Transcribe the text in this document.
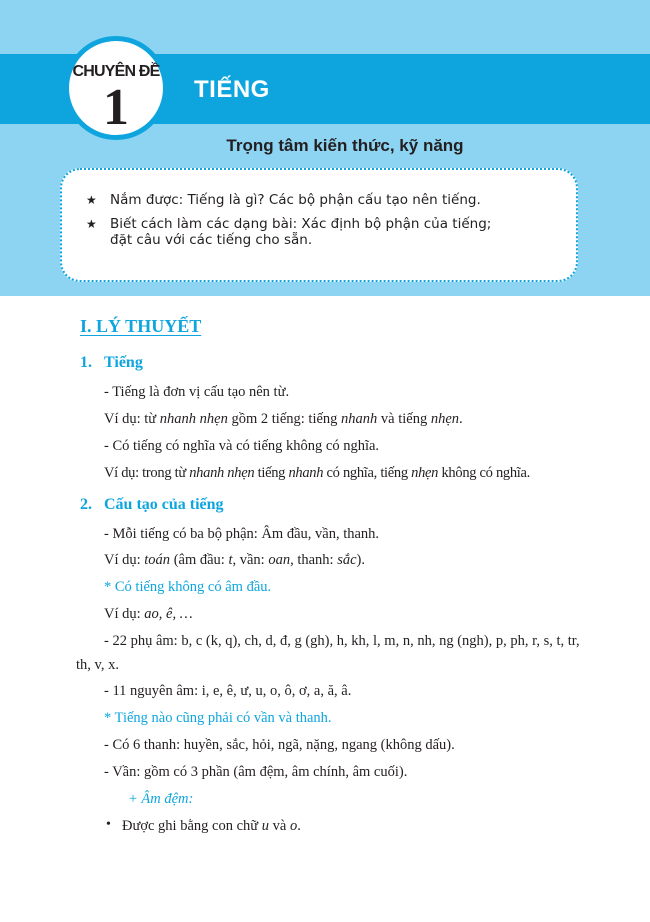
CHUYÊN ĐỀ
1	TIẾNG
Trọng tâm kiến thức, kỹ năng
★ Nắm được: Tiếng là gì? Các bộ phận cấu tạo nên tiếng.
★ Biết cách làm các dạng bài: Xác định bộ phận của tiếng;
đặt câu với các tiếng cho sẵn.
I. LÝ THUYẾT
1. Tiếng
- Tiếng là đơn vị cấu tạo nên từ.
Ví dụ: từ nhanh nhẹn gồm 2 tiếng: tiếng nhanh và tiếng nhẹn.
- Có tiếng có nghĩa và có tiếng không có nghĩa.
Ví dụ: trong từ nhanh nhẹn tiếng nhanh có nghĩa, tiếng nhẹn không có nghĩa.
2. Cấu tạo của tiếng
- Mỗi tiếng có ba bộ phận: Âm đầu, vần, thanh.
Ví dụ: toán (âm đầu: t, vần: oan, thanh: sắc).
* Có tiếng không có âm đầu.
Ví dụ: ao, ê, …
- 22 phụ âm: b, c (k, q), ch, d, đ, g (gh), h, kh, l, m, n, nh, ng (ngh), p, ph, r, s, t, tr, th, v, x.
- 11 nguyên âm: i, e, ê, ư, u, o, ô, ơ, a, ă, â.
* Tiếng nào cũng phải có vần và thanh.
- Có 6 thanh: huyền, sắc, hỏi, ngã, nặng, ngang (không dấu).
- Vần: gồm có 3 phần (âm đệm, âm chính, âm cuối).
+ Âm đệm:
• Được ghi bằng con chữ u và o.
